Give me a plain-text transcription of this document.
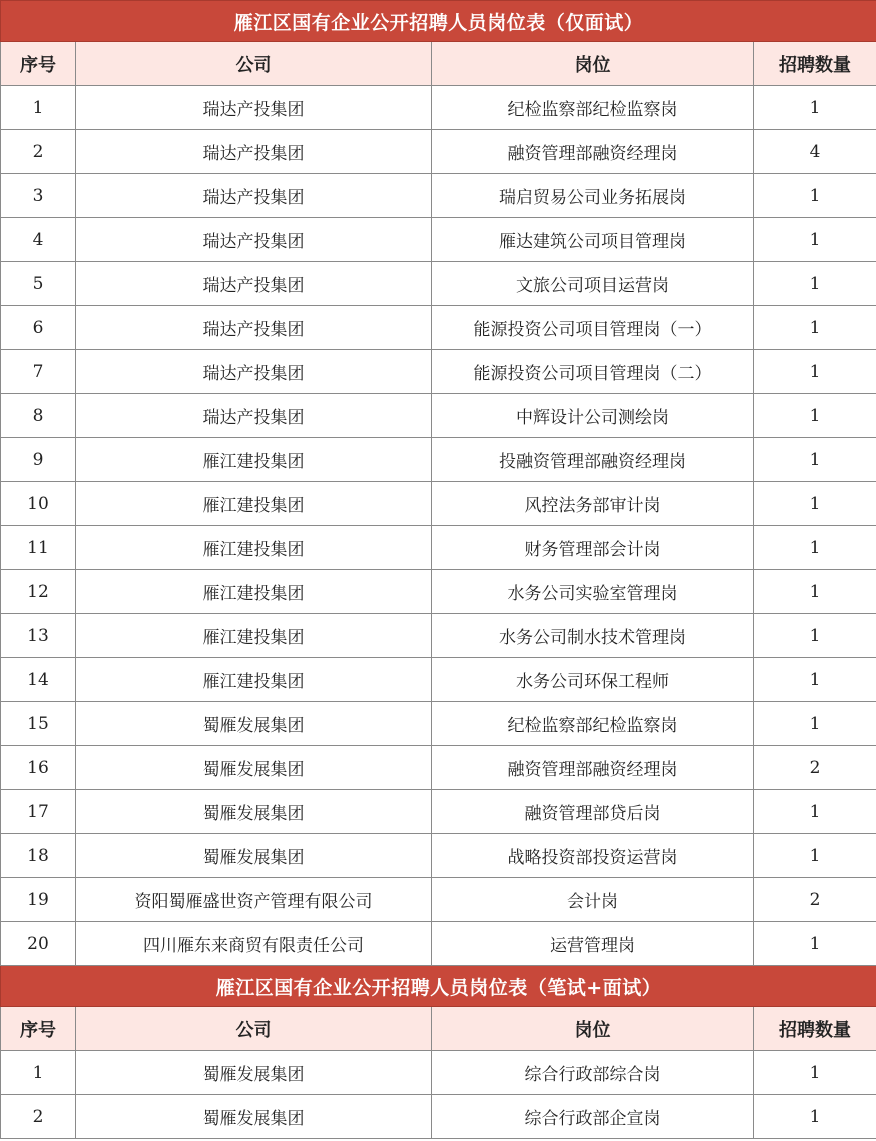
雁江区国有企业公开招聘人员岗位表（仅面试）			
序号	公司	岗位	招聘数量
1	瑞达产投集团	纪检监察部纪检监察岗	1
2	瑞达产投集团	融资管理部融资经理岗	4
3	瑞达产投集团	瑞启贸易公司业务拓展岗	1
4	瑞达产投集团	雁达建筑公司项目管理岗	1
5	瑞达产投集团	文旅公司项目运营岗	1
6	瑞达产投集团	能源投资公司项目管理岗（一）	1
7	瑞达产投集团	能源投资公司项目管理岗（二）	1
8	瑞达产投集团	中辉设计公司测绘岗	1
9	雁江建投集团	投融资管理部融资经理岗	1
10	雁江建投集团	风控法务部审计岗	1
11	雁江建投集团	财务管理部会计岗	1
12	雁江建投集团	水务公司实验室管理岗	1
13	雁江建投集团	水务公司制水技术管理岗	1
14	雁江建投集团	水务公司环保工程师	1
15	蜀雁发展集团	纪检监察部纪检监察岗	1
16	蜀雁发展集团	融资管理部融资经理岗	2
17	蜀雁发展集团	融资管理部贷后岗	1
18	蜀雁发展集团	战略投资部投资运营岗	1
19	资阳蜀雁盛世资产管理有限公司	会计岗	2
20	四川雁东来商贸有限责任公司	运营管理岗	1
雁江区国有企业公开招聘人员岗位表（笔试+面试）			
序号	公司	岗位	招聘数量
1	蜀雁发展集团	综合行政部综合岗	1
2	蜀雁发展集团	综合行政部企宣岗	1
